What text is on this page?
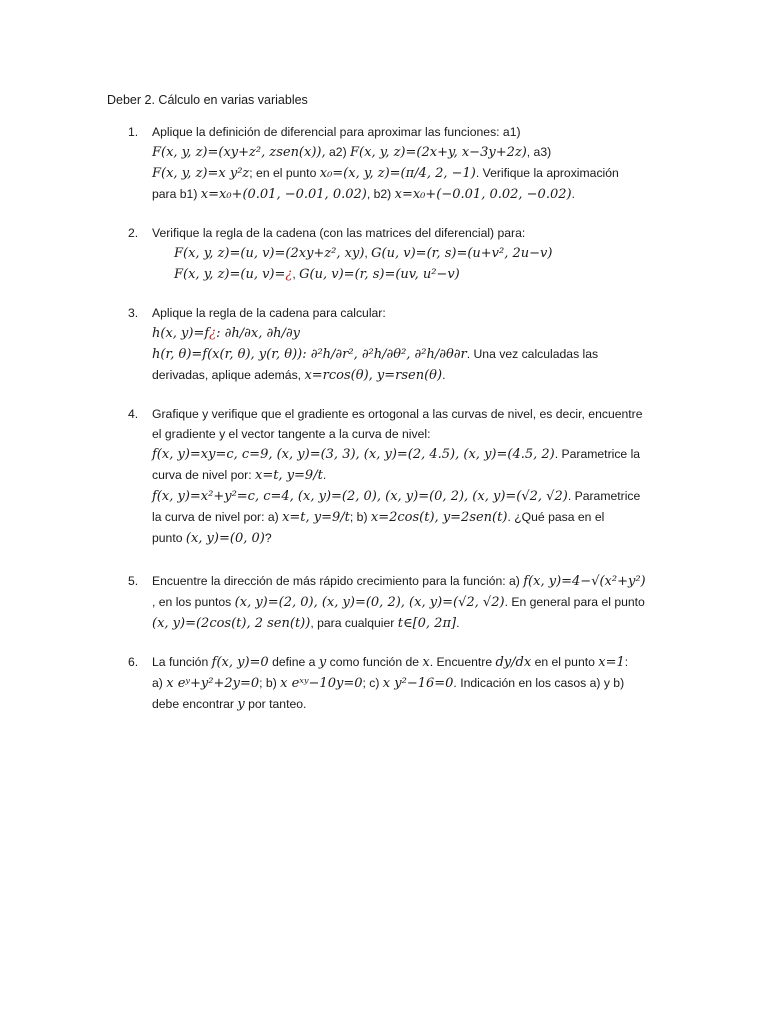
Deber 2. Cálculo en varias variables
1. Aplique la definición de diferencial para aproximar las funciones: a1)
F(x, y, z)=(xy+z², zsen(x)), a2) F(x, y, z)=(2x+y, x−3y+2z), a3)
F(x, y, z)=x y²z; en el punto x₀=(x, y, z)=(π/4, 2, −1). Verifique la aproximación
para b1) x=x₀+(0.01, −0.01, 0.02), b2) x=x₀+(−0.01, 0.02, −0.02).
2. Verifique la regla de la cadena (con las matrices del diferencial) para:
F(x, y, z)=(u, v)=(2xy+z², xy), G(u, v)=(r, s)=(u+v², 2u−v)
F(x, y, z)=(u, v)=¿, G(u, v)=(r, s)=(uv, u²−v)
3. Aplique la regla de la cadena para calcular:
h(x, y)=f¿: ∂h/∂x, ∂h/∂y
h(r, θ)=f(x(r, θ), y(r, θ)): ∂²h/∂r², ∂²h/∂θ², ∂²h/∂θ∂r. Una vez calculadas las
derivadas, aplique además, x=rcos(θ), y=rsen(θ).
4. Grafique y verifique que el gradiente es ortogonal a las curvas de nivel, es decir, encuentre
el gradiente y el vector tangente a la curva de nivel:
f(x, y)=xy=c, c=9, (x, y)=(3, 3), (x, y)=(2, 4.5), (x, y)=(4.5, 2). Parametrice la
curva de nivel por: x=t, y=9/t.
f(x, y)=x²+y²=c, c=4, (x, y)=(2, 0), (x, y)=(0, 2), (x, y)=(√2, √2). Parametrice
la curva de nivel por: a) x=t, y=9/t; b) x=2cos(t), y=2sen(t). ¿Qué pasa en el
punto (x, y)=(0, 0)?
5. Encuentre la dirección de más rápido crecimiento para la función: a) f(x, y)=4−√(x²+y²)
, en los puntos (x, y)=(2, 0), (x, y)=(0, 2), (x, y)=(√2, √2). En general para el punto
(x, y)=(2cos(t), 2 sen(t)), para cualquier t∈[0, 2π].
6. La función f(x, y)=0 define a y como función de x. Encuentre dy/dx en el punto x=1:
a) x eʸ+y²+2y=0; b) x eˣʸ−10y=0; c) x y²−16=0. Indicación en los casos a) y b)
debe encontrar y por tanteo.
